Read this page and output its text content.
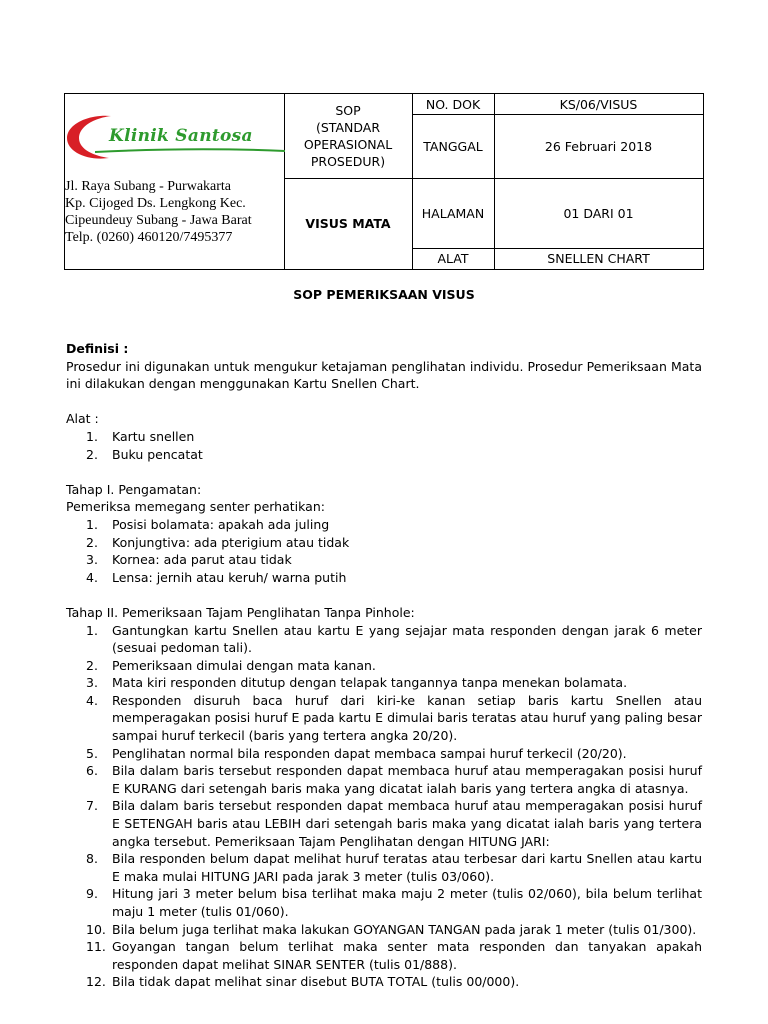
Klinik Santosa
Jl. Raya Subang - Purwakarta
Kp. Cijoged Ds. Lengkong Kec.
Cipeundeuy Subang - Jawa Barat
Telp. (0260) 460120/7495377
SOP
(STANDAR
OPERASIONAL
PROSEDUR)
VISUS MATA
NO. DOK	KS/06/VISUS
TANGGAL	26 Februari 2018
HALAMAN	01 DARI 01
ALAT	SNELLEN CHART
SOP PEMERIKSAAN VISUS

Definisi :

Prosedur ini digunakan untuk mengukur ketajaman penglihatan individu. Prosedur Pemeriksaan Mata ini dilakukan dengan menggunakan Kartu Snellen Chart.

Alat :

1.	Kartu snellen
2.	Buku pencatat

Tahap I. Pengamatan:

Pemeriksa memegang senter perhatikan:

1.	Posisi bolamata: apakah ada juling
2.	Konjungtiva: ada pterigium atau tidak
3.	Kornea: ada parut atau tidak
4.	Lensa: jernih atau keruh/ warna putih

Tahap II. Pemeriksaan Tajam Penglihatan Tanpa Pinhole:

1.	Gantungkan kartu Snellen atau kartu E yang sejajar mata responden dengan jarak 6 meter (sesuai pedoman tali).
2.	Pemeriksaan dimulai dengan mata kanan.
3.	Mata kiri responden ditutup dengan telapak tangannya tanpa menekan bolamata.
4.	Responden disuruh baca huruf dari kiri-ke kanan setiap baris kartu Snellen atau memperagakan posisi huruf E pada kartu E dimulai baris teratas atau huruf yang paling besar sampai huruf terkecil (baris yang tertera angka 20/20).
5.	Penglihatan normal bila responden dapat membaca sampai huruf terkecil (20/20).
6.	Bila dalam baris tersebut responden dapat membaca huruf atau memperagakan posisi huruf E KURANG dari setengah baris maka yang dicatat ialah baris yang tertera angka di atasnya.
7.	Bila dalam baris tersebut responden dapat membaca huruf atau memperagakan posisi huruf E SETENGAH baris atau LEBIH dari setengah baris maka yang dicatat ialah baris yang tertera angka tersebut. Pemeriksaan Tajam Penglihatan dengan HITUNG JARI:
8.	Bila responden belum dapat melihat huruf teratas atau terbesar dari kartu Snellen atau kartu E maka mulai HITUNG JARI pada jarak 3 meter (tulis 03/060).
9.	Hitung jari 3 meter belum bisa terlihat maka maju 2 meter (tulis 02/060), bila belum terlihat maju 1 meter (tulis 01/060).
10. Bila belum juga terlihat maka lakukan GOYANGAN TANGAN pada jarak 1 meter (tulis 01/300).
11. Goyangan tangan belum terlihat maka senter mata responden dan tanyakan apakah responden dapat melihat SINAR SENTER (tulis 01/888).
12. Bila tidak dapat melihat sinar disebut BUTA TOTAL (tulis 00/000).
